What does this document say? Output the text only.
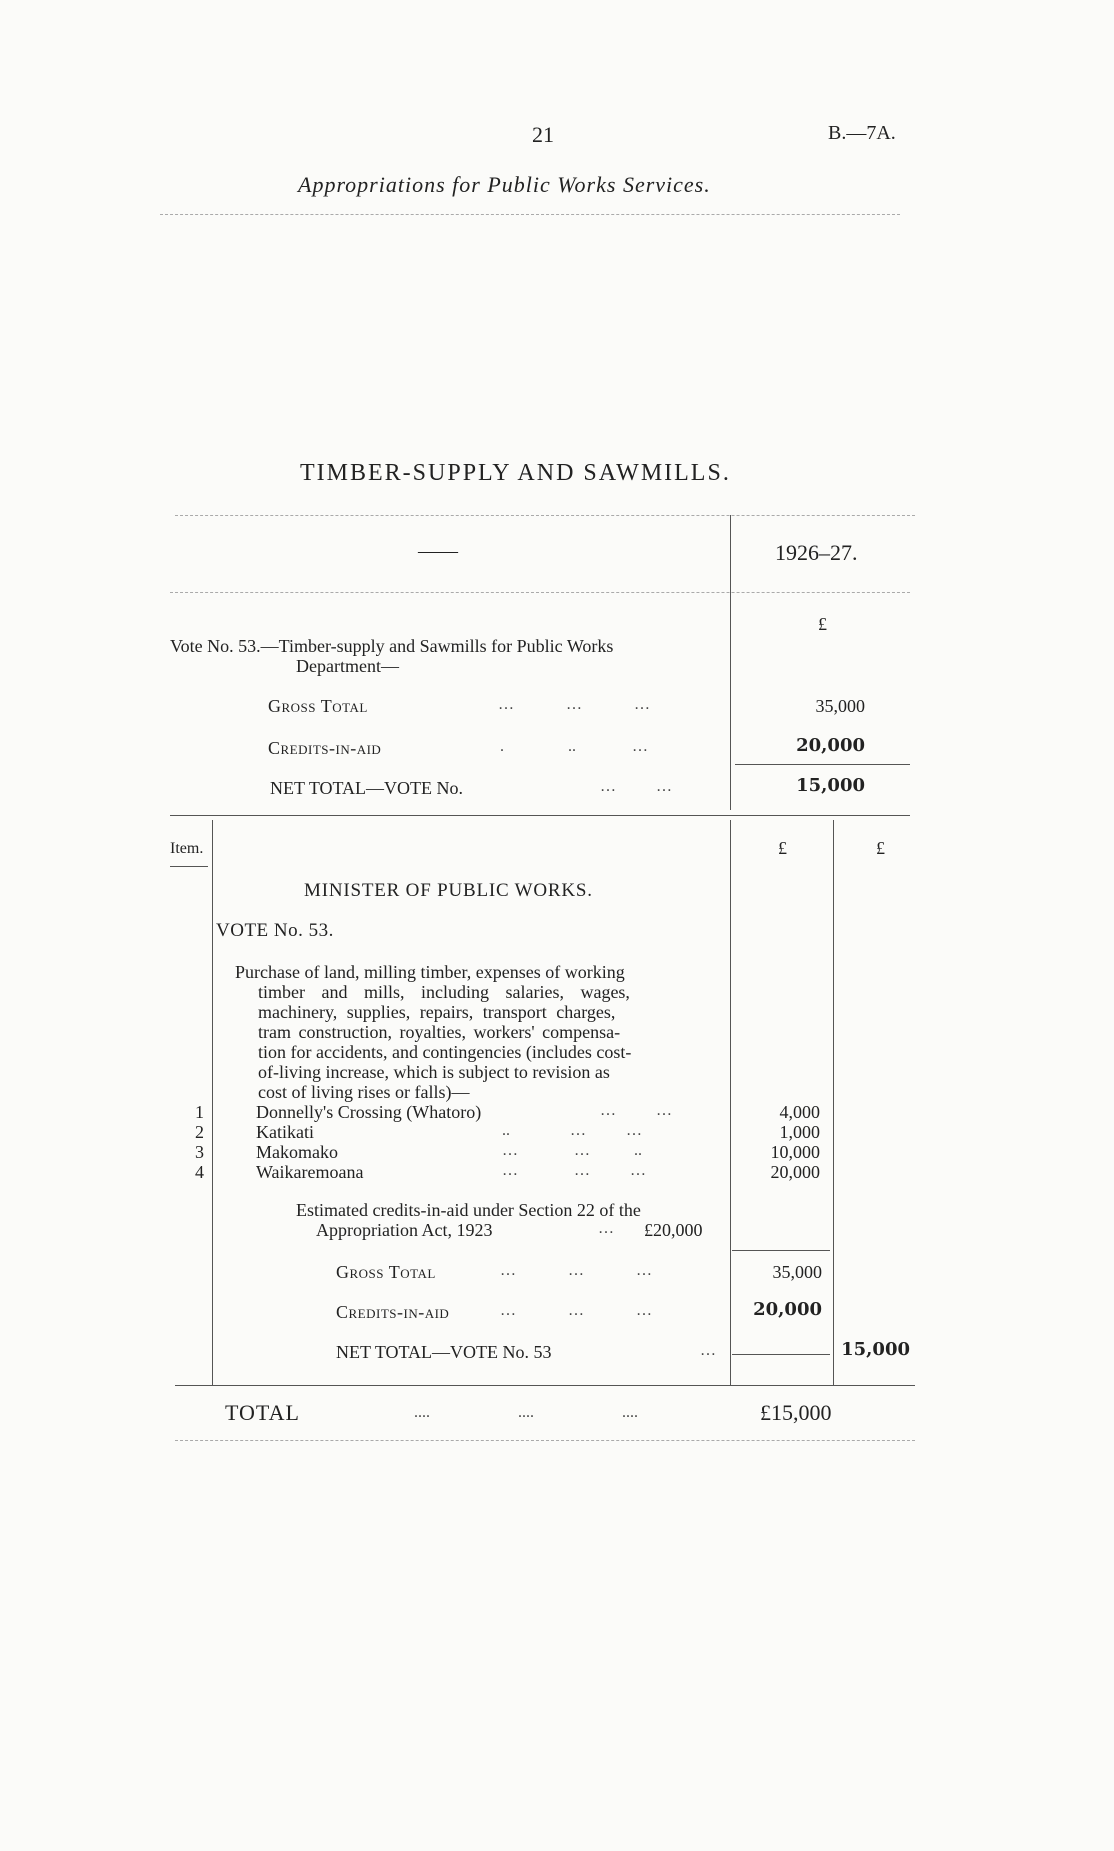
21	B.—7A.
Appropriations for Public Works Services.
TIMBER-SUPPLY AND SAWMILLS.
——	1926–27.
£
Vote No. 53.—Timber-supply and Sawmills for Public Works
Department—
Gross Total	…             …             …	35,000
Credits-in-aid	.                ..              …	20,000
NET TOTAL—VOTE No.	…          …	15,000
Item.	£	£
MINISTER OF PUBLIC WORKS.
VOTE No. 53.
Purchase of land, milling timber, expenses of working
timber and mills, including salaries, wages,
machinery, supplies, repairs, transport charges,
tram construction, royalties, workers' compensa-
tion for accidents, and contingencies (includes cost-
of-living increase, which is subject to revision as
cost of living rises or falls)—
1	Donnelly's Crossing (Whatoro)	…          …	4,000
2	Katikati	..               …          …	1,000
3	Makomako	…              …           ..	10,000
4	Waikaremoana	…              …          …	20,000
Estimated credits-in-aid under Section 22 of the
Appropriation Act, 1923	… £20,000
Gross Total	…             …             …	35,000
Credits-in-aid	…             …             …	20,000
NET TOTAL—VOTE No. 53	…	15,000
TOTAL	....                      ....                      ....	£15,000
